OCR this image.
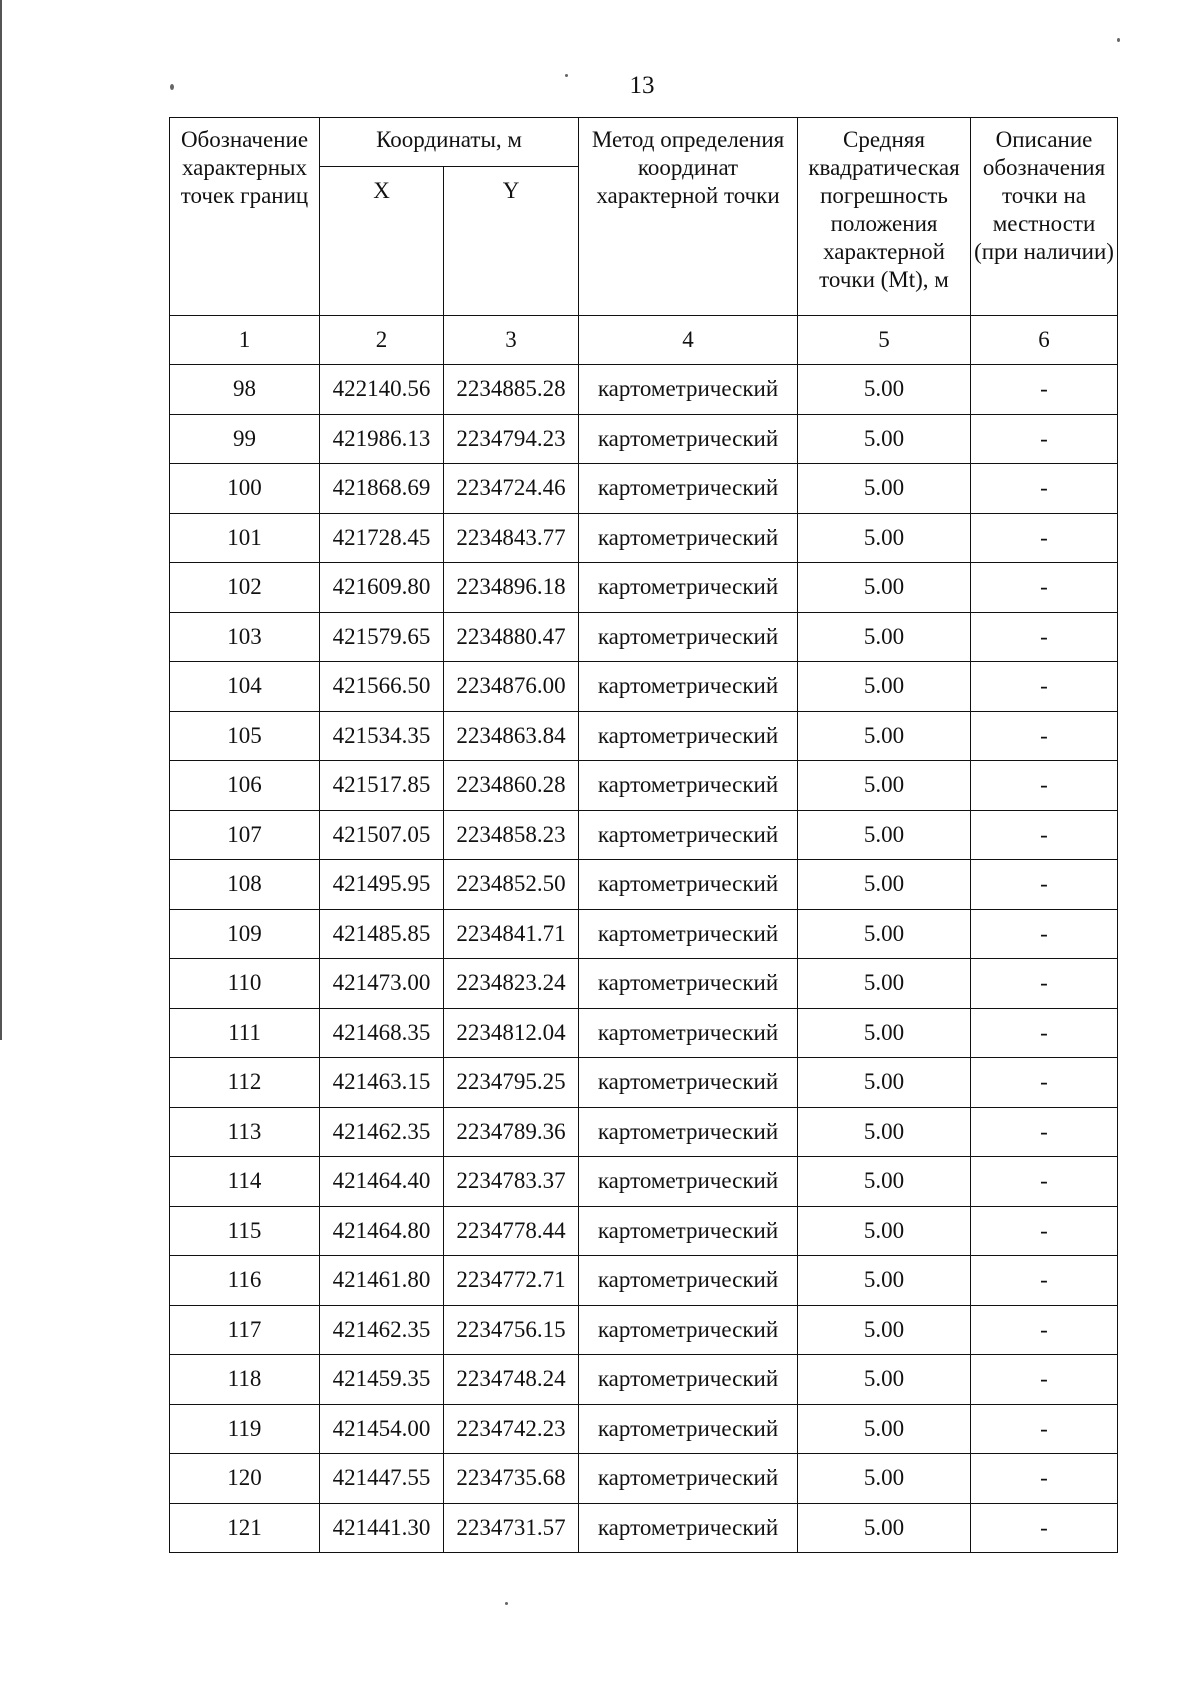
13
Обозначение характерных точек границ	Координаты, м		Метод определения координат характерной точки	Средняя квадратическая погрешность положения характерной точки (Mt), м	Описание обозначения точки на местности (при наличии)
	X	Y			
1	2	3	4	5	6
98	422140.56	2234885.28	картометрический	5.00	-
99	421986.13	2234794.23	картометрический	5.00	-
100	421868.69	2234724.46	картометрический	5.00	-
101	421728.45	2234843.77	картометрический	5.00	-
102	421609.80	2234896.18	картометрический	5.00	-
103	421579.65	2234880.47	картометрический	5.00	-
104	421566.50	2234876.00	картометрический	5.00	-
105	421534.35	2234863.84	картометрический	5.00	-
106	421517.85	2234860.28	картометрический	5.00	-
107	421507.05	2234858.23	картометрический	5.00	-
108	421495.95	2234852.50	картометрический	5.00	-
109	421485.85	2234841.71	картометрический	5.00	-
110	421473.00	2234823.24	картометрический	5.00	-
111	421468.35	2234812.04	картометрический	5.00	-
112	421463.15	2234795.25	картометрический	5.00	-
113	421462.35	2234789.36	картометрический	5.00	-
114	421464.40	2234783.37	картометрический	5.00	-
115	421464.80	2234778.44	картометрический	5.00	-
116	421461.80	2234772.71	картометрический	5.00	-
117	421462.35	2234756.15	картометрический	5.00	-
118	421459.35	2234748.24	картометрический	5.00	-
119	421454.00	2234742.23	картометрический	5.00	-
120	421447.55	2234735.68	картометрический	5.00	-
121	421441.30	2234731.57	картометрический	5.00	-
